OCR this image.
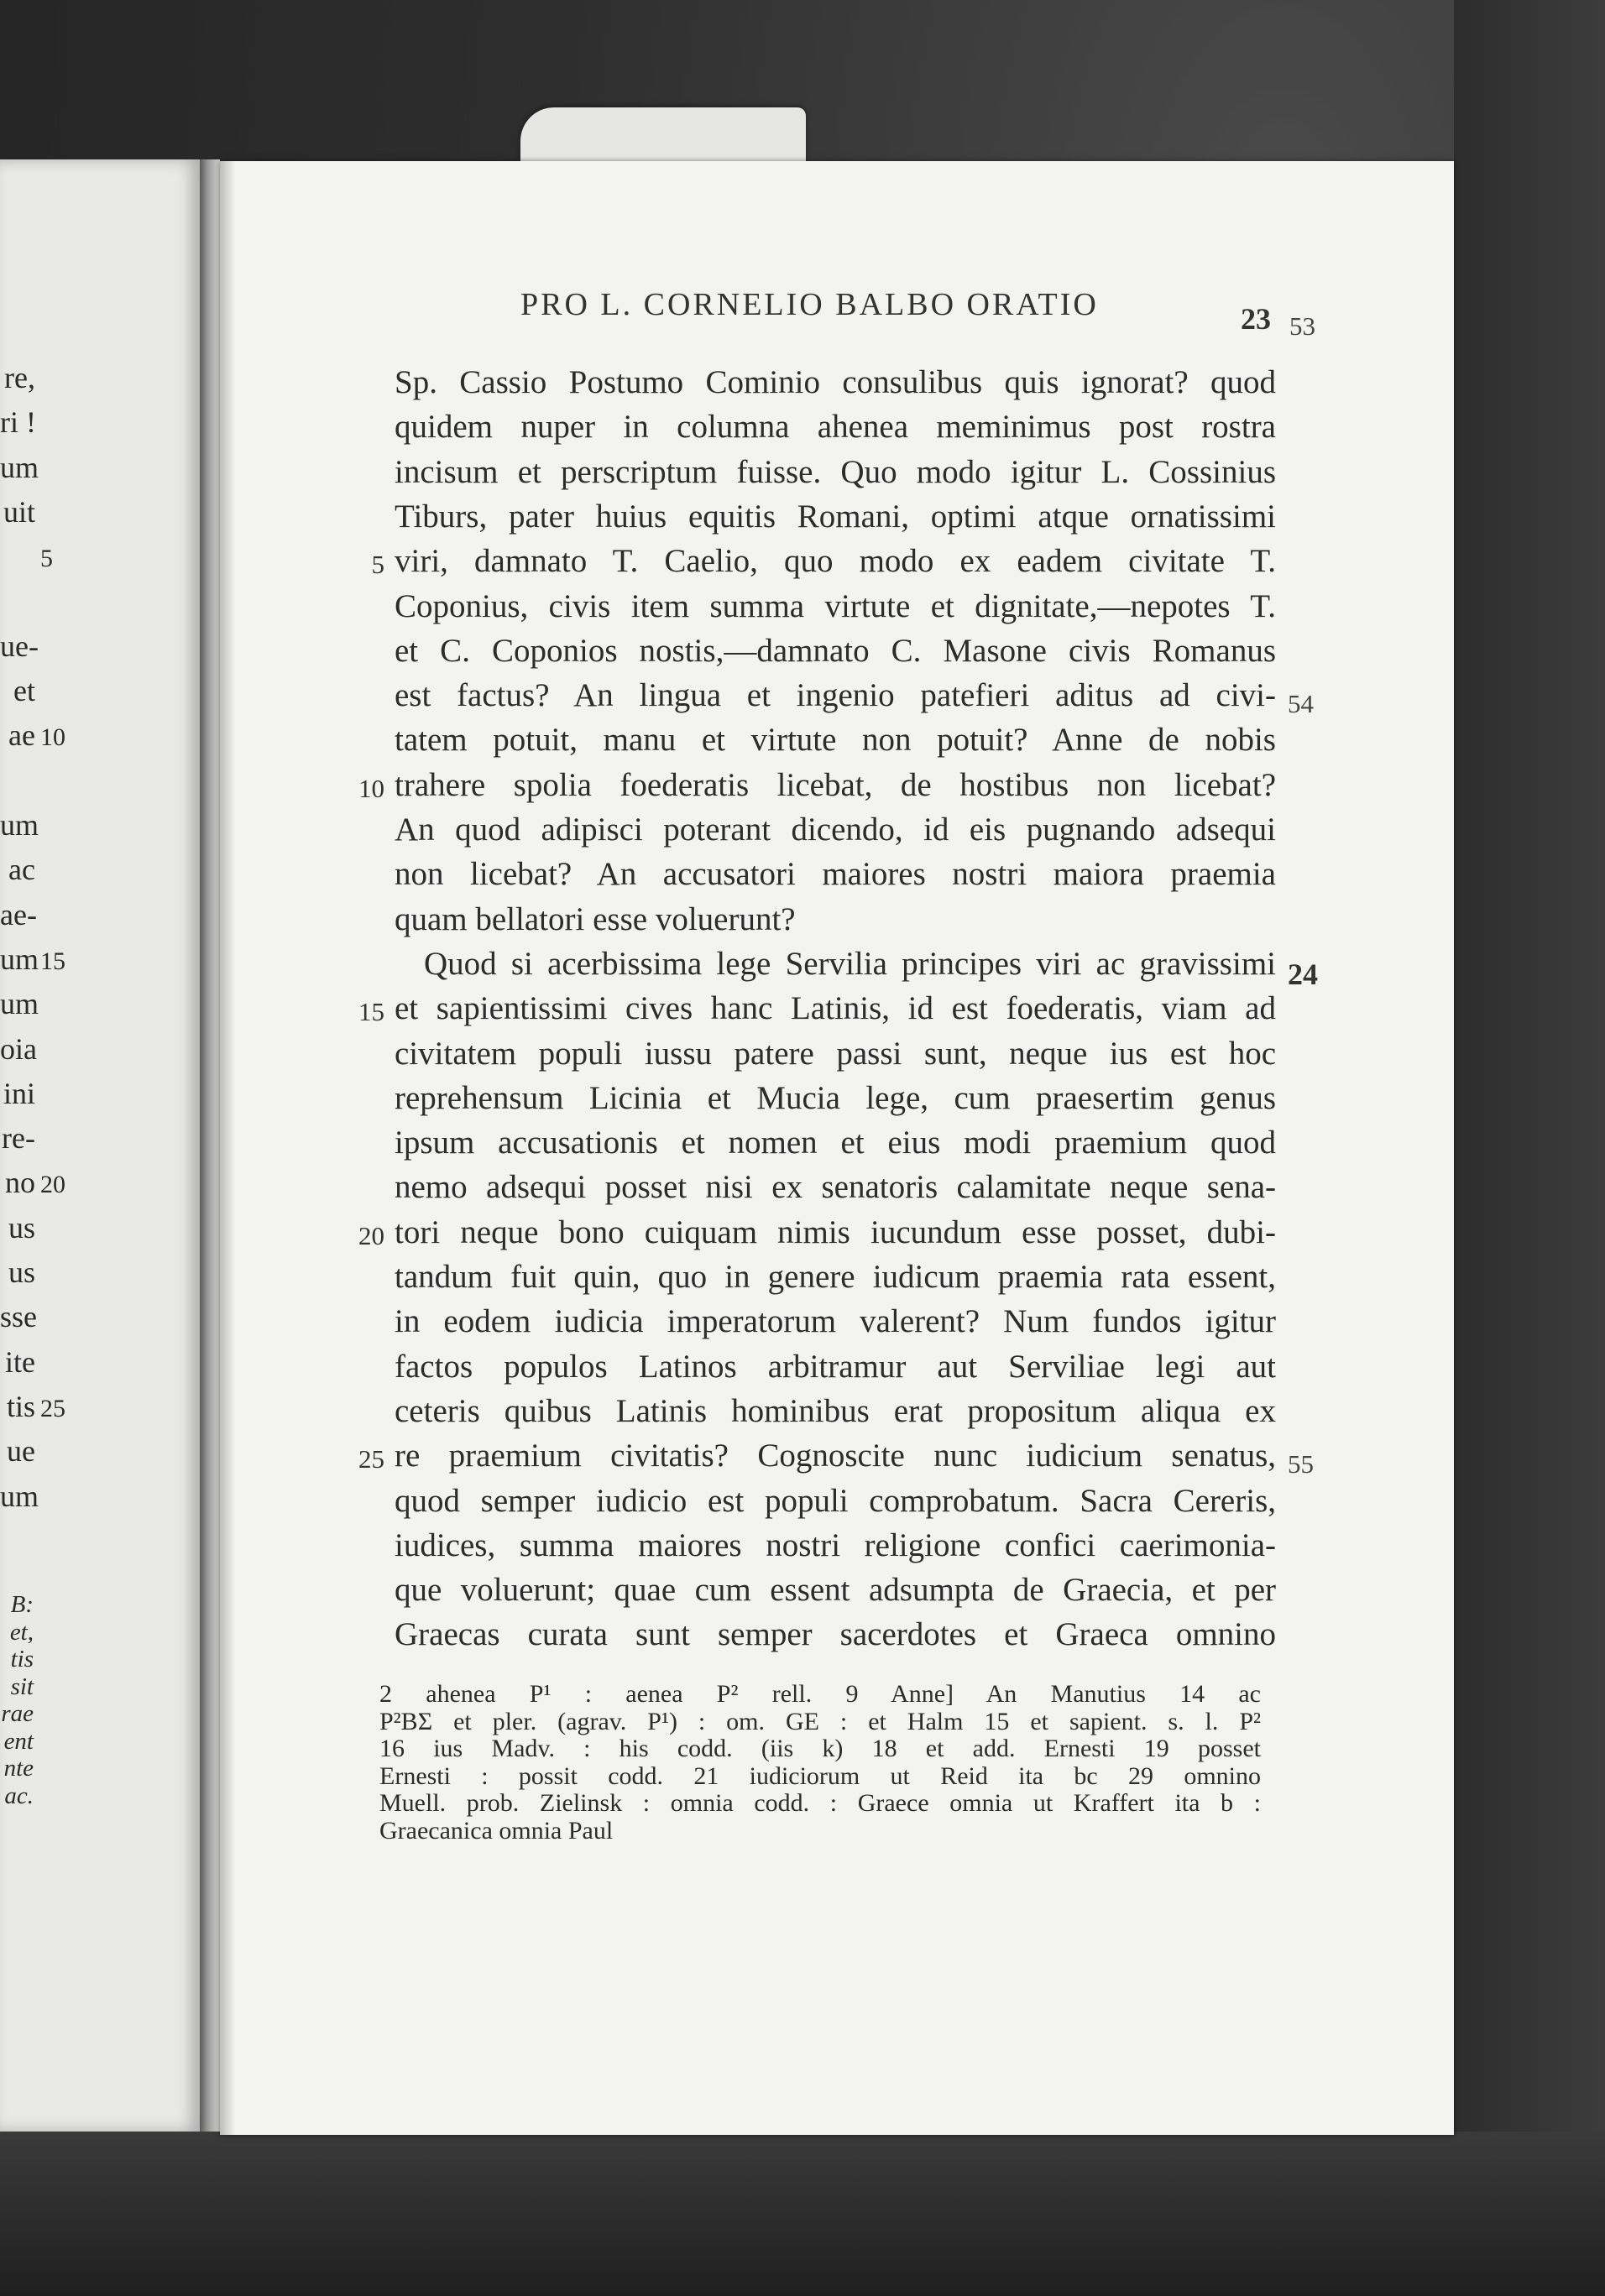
PRO L. CORNELIO BALBO ORATIO	23 53
Sp. Cassio Postumo Cominio consulibus quis ignorat? quod
quidem nuper in columna ahenea meminimus post rostra
incisum et perscriptum fuisse. Quo modo igitur L. Cossinius
Tiburs, pater huius equitis Romani, optimi atque ornatissimi
viri, damnato T. Caelio, quo modo ex eadem civitate T.
5
Coponius, civis item summa virtute et dignitate,—nepotes T.
et C. Coponios nostis,—damnato C. Masone civis Romanus
est factus? An lingua et ingenio patefieri aditus ad civi- 54
tatem potuit, manu et virtute non potuit? Anne de nobis
trahere spolia foederatis licebat, de hostibus non licebat?
10
An quod adipisci poterant dicendo, id eis pugnando adsequi
non licebat? An accusatori maiores nostri maiora praemia
quam bellatori esse voluerunt?
Quod si acerbissima lege Servilia principes viri ac gravissimi 24
et sapientissimi cives hanc Latinis, id est foederatis, viam ad
15
civitatem populi iussu patere passi sunt, neque ius est hoc
reprehensum Licinia et Mucia lege, cum praesertim genus
ipsum accusationis et nomen et eius modi praemium quod
nemo adsequi posset nisi ex senatoris calamitate neque sena-
tori neque bono cuiquam nimis iucundum esse posset, dubi-
20
tandum fuit quin, quo in genere iudicum praemia rata essent,
in eodem iudicia imperatorum valerent? Num fundos igitur
factos populos Latinos arbitramur aut Serviliae legi aut
ceteris quibus Latinis hominibus erat propositum aliqua ex
re praemium civitatis? Cognoscite nunc iudicium senatus,
25	55
quod semper iudicio est populi comprobatum. Sacra Cereris,
iudices, summa maiores nostri religione confici caerimonia-
que voluerunt; quae cum essent adsumpta de Graecia, et per
Graecas curata sunt semper sacerdotes et Graeca omnino
2 ahenea P¹ : aenea P² rell. 9 Anne] An Manutius 14 ac
P²BΣ et pler. (agrav. P¹) : om. GE : et Halm 15 et sapient. s. l. P²
16 ius Madv. : his codd. (iis k) 18 et add. Ernesti 19 posset
Ernesti : possit codd. 21 iudiciorum ut Reid ita bc 29 omnino
Muell. prob. Zielinsk : omnia codd. : Graece omnia ut Kraffert ita b :
Graecanica omnia Paul
re,
ri !
um
uit
ue-
et
ae
um
ac
ae-
um
um
oia
ini
re-
no
us
us
sse
ite
tis
ue
um
5
10
15
20
25
B:
et,
tis
sit
rae
ent
nte
ac.
